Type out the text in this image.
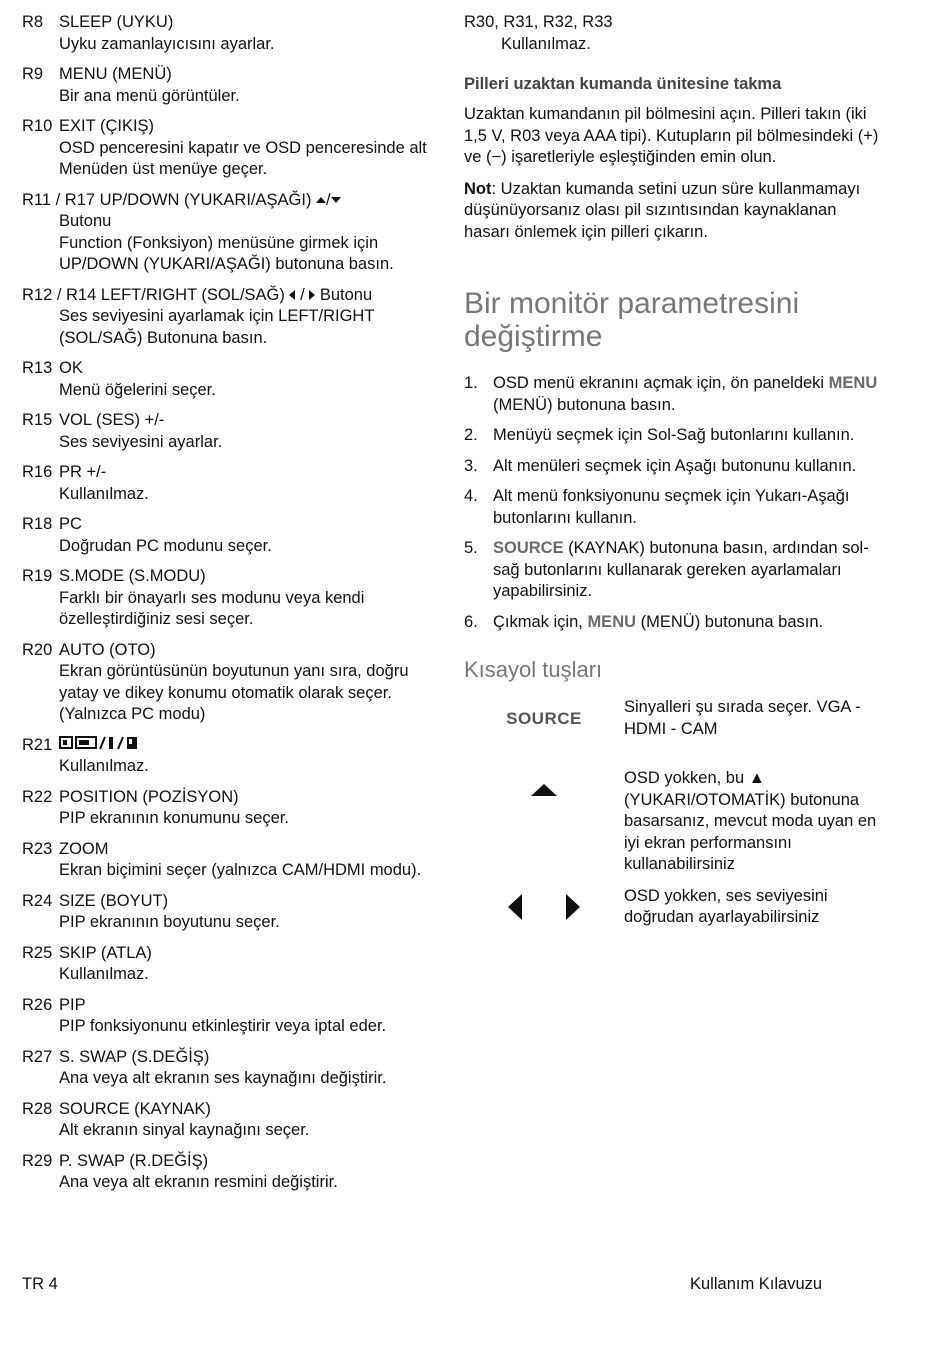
R8 SLEEP (UYKU)
Uyku zamanlayıcısını ayarlar.
R9 MENU (MENÜ)
Bir ana menü görüntüler.
R10 EXIT (ÇIKIŞ)
OSD penceresini kapatır ve OSD penceresinde alt Menüden üst menüye geçer.
R11 / R17 UP/DOWN (YUKARI/AŞAĞI) /
Butonu
Function (Fonksiyon) menüsüne girmek için UP/DOWN (YUKARI/AŞAĞI) butonuna basın.
R12 / R14 LEFT/RIGHT (SOL/SAĞ) / Butonu
Ses seviyesini ayarlamak için LEFT/RIGHT (SOL/SAĞ) Butonuna basın.
R13 OK
Menü öğelerini seçer.
R15 VOL (SES) +/-
Ses seviyesini ayarlar.
R16 PR +/-
Kullanılmaz.
R18 PC
Doğrudan PC modunu seçer.
R19 S.MODE (S.MODU)
Farklı bir önayarlı ses modunu veya kendi özelleştirdiğiniz sesi seçer.
R20 AUTO (OTO)
Ekran görüntüsünün boyutunun yanı sıra, doğru yatay ve dikey konumu otomatik olarak seçer. (Yalnızca PC modu)
R21
Kullanılmaz.
R22 POSITION (POZİSYON)
PIP ekranının konumunu seçer.
R23 ZOOM
Ekran biçimini seçer (yalnızca CAM/HDMI modu).
R24 SIZE (BOYUT)
PIP ekranının boyutunu seçer.
R25 SKIP (ATLA)
Kullanılmaz.
R26 PIP
PIP fonksiyonunu etkinleştirir veya iptal eder.
R27 S. SWAP (S.DEĞİŞ)
Ana veya alt ekranın ses kaynağını değiştirir.
R28 SOURCE (KAYNAK)
Alt ekranın sinyal kaynağını seçer.
R29 P. SWAP (R.DEĞİŞ)
Ana veya alt ekranın resmini değiştirir.
R30, R31, R32, R33
Kullanılmaz.
Pilleri uzaktan kumanda ünitesine takma

Uzaktan kumandanın pil bölmesini açın. Pilleri takın (iki 1,5 V, R03 veya AAA tipi). Kutupların pil bölmesindeki (+) ve (−) işaretleriyle eşleştiğinden emin olun.

Not: Uzaktan kumanda setini uzun süre kullanmamayı düşünüyorsanız olası pil sızıntısından kaynaklanan hasarı önlemek için pilleri çıkarın.

Bir monitör parametresini değiştirme
1. OSD menü ekranını açmak için, ön paneldeki MENU (MENÜ) butonuna basın.
2. Menüyü seçmek için Sol-Sağ butonlarını kullanın.
3. Alt menüleri seçmek için Aşağı butonunu kullanın.
4. Alt menü fonksiyonunu seçmek için Yukarı-Aşağı butonlarını kullanın.
5. SOURCE (KAYNAK) butonuna basın, ardından sol-sağ butonlarını kullanarak gereken ayarlamaları yapabilirsiniz.
6. Çıkmak için, MENU (MENÜ) butonuna basın.
Kısayol tuşları
SOURCE
Sinyalleri şu sırada seçer. VGA - HDMI - CAM
OSD yokken, bu ▲ (YUKARI/OTOMATİK) butonuna basarsanız, mevcut moda uyan en iyi ekran performansını kullanabilirsiniz
OSD yokken, ses seviyesini doğrudan ayarlayabilirsiniz
TR 4	Kullanım Kılavuzu
